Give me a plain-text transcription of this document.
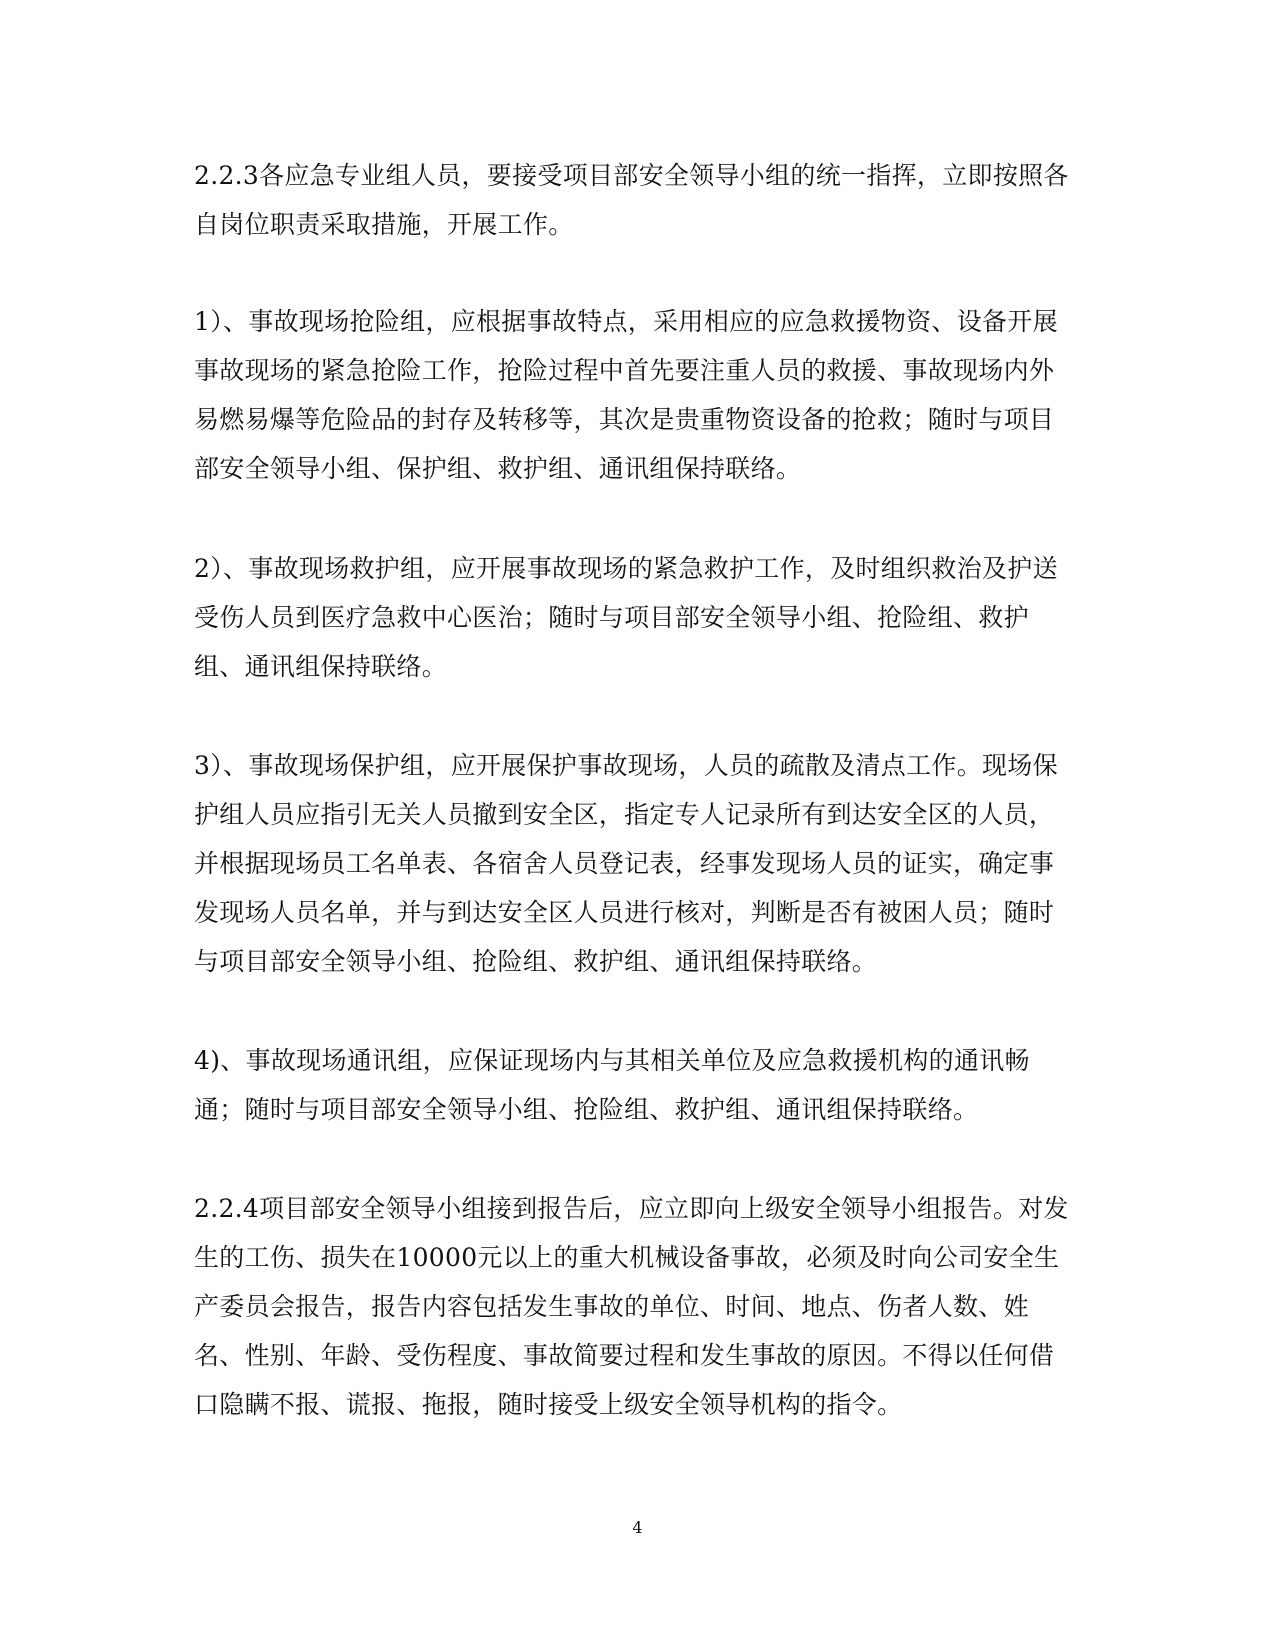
2.2.3各应急专业组人员，要接受项目部安全领导小组的统一指挥，立即按照各自岗位职责采取措施，开展工作。

1）、事故现场抢险组，应根据事故特点，采用相应的应急救援物资、设备开展事故现场的紧急抢险工作，抢险过程中首先要注重人员的救援、事故现场内外易燃易爆等危险品的封存及转移等，其次是贵重物资设备的抢救；随时与项目部安全领导小组、保护组、救护组、通讯组保持联络。

2）、事故现场救护组，应开展事故现场的紧急救护工作，及时组织救治及护送受伤人员到医疗急救中心医治；随时与项目部安全领导小组、抢险组、救护组、通讯组保持联络。

3）、事故现场保护组，应开展保护事故现场，人员的疏散及清点工作。现场保护组人员应指引无关人员撤到安全区，指定专人记录所有到达安全区的人员，并根据现场员工名单表、各宿舍人员登记表，经事发现场人员的证实，确定事发现场人员名单，并与到达安全区人员进行核对，判断是否有被困人员；随时与项目部安全领导小组、抢险组、救护组、通讯组保持联络。

4)、事故现场通讯组，应保证现场内与其相关单位及应急救援机构的通讯畅通；随时与项目部安全领导小组、抢险组、救护组、通讯组保持联络。

2.2.4项目部安全领导小组接到报告后，应立即向上级安全领导小组报告。对发生的工伤、损失在10000元以上的重大机械设备事故，必须及时向公司安全生产委员会报告，报告内容包括发生事故的单位、时间、地点、伤者人数、姓名、性别、年龄、受伤程度、事故简要过程和发生事故的原因。不得以任何借口隐瞒不报、谎报、拖报，随时接受上级安全领导机构的指令。

4
